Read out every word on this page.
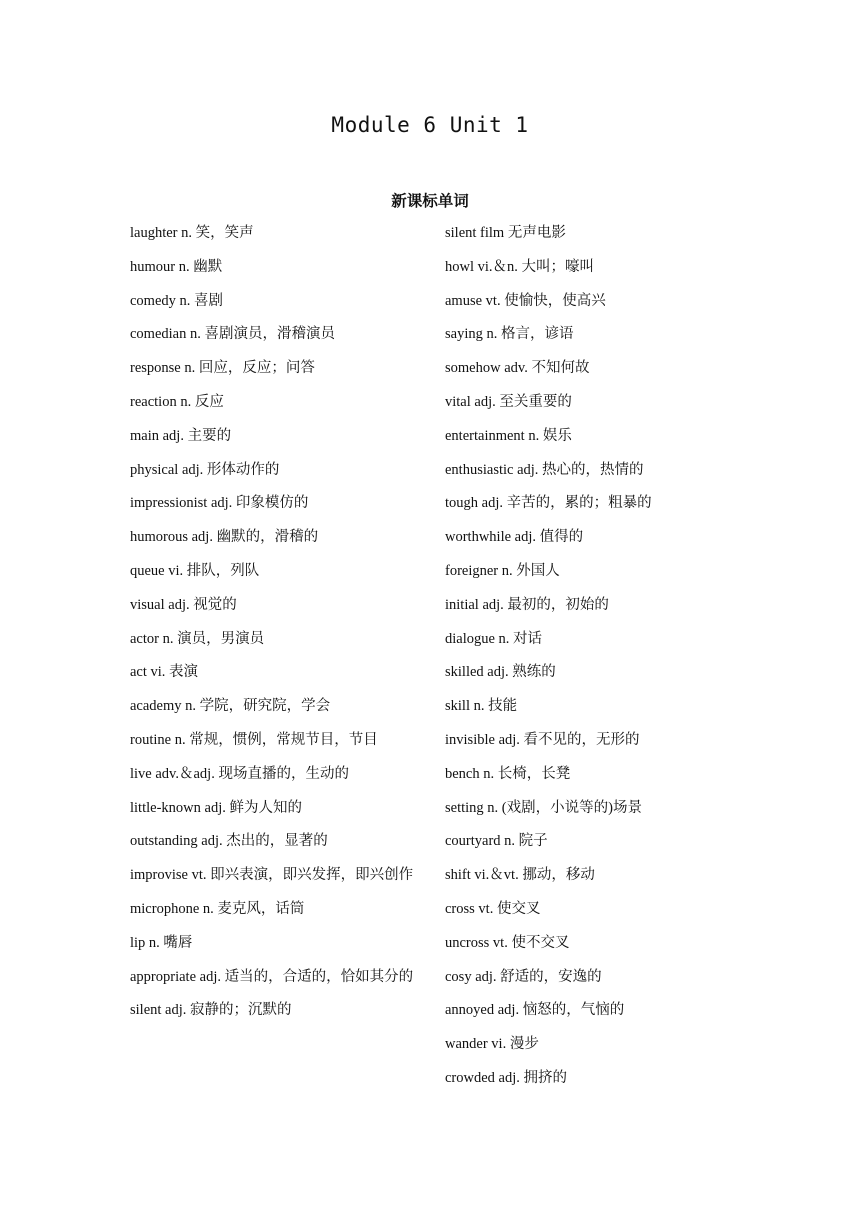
Module 6 Unit 1
新课标单词
laughter n. 笑，笑声
humour n. 幽默
comedy n. 喜剧
comedian n. 喜剧演员，滑稽演员
response n. 回应，反应；问答
reaction n. 反应
main adj. 主要的
physical adj. 形体动作的
impressionist adj. 印象模仿的
humorous adj. 幽默的，滑稽的
queue vi. 排队，列队
visual adj. 视觉的
actor n. 演员，男演员
act vi. 表演
academy n. 学院，研究院，学会
routine n. 常规，惯例，常规节目，节目
live adv.＆adj. 现场直播的，生动的
little-known adj. 鲜为人知的
outstanding adj. 杰出的，显著的
improvise vt. 即兴表演，即兴发挥，即兴创作
microphone n. 麦克风，话筒
lip n. 嘴唇
appropriate adj. 适当的，合适的，恰如其分的
silent adj. 寂静的；沉默的
silent film 无声电影
howl vi.＆n. 大叫；嚎叫
amuse vt. 使愉快，使高兴
saying n. 格言，谚语
somehow adv. 不知何故
vital adj. 至关重要的
entertainment n. 娱乐
enthusiastic adj. 热心的，热情的
tough adj. 辛苦的，累的；粗暴的
worthwhile adj. 值得的
foreigner n. 外国人
initial adj. 最初的，初始的
dialogue n. 对话
skilled adj. 熟练的
skill n. 技能
invisible adj. 看不见的，无形的
bench n. 长椅，长凳
setting n. (戏剧，小说等的)场景
courtyard n. 院子
shift vi.＆vt. 挪动，移动
cross vt. 使交叉
uncross vt. 使不交叉
cosy adj. 舒适的，安逸的
annoyed adj. 恼怒的，气恼的
wander vi. 漫步
crowded adj. 拥挤的
